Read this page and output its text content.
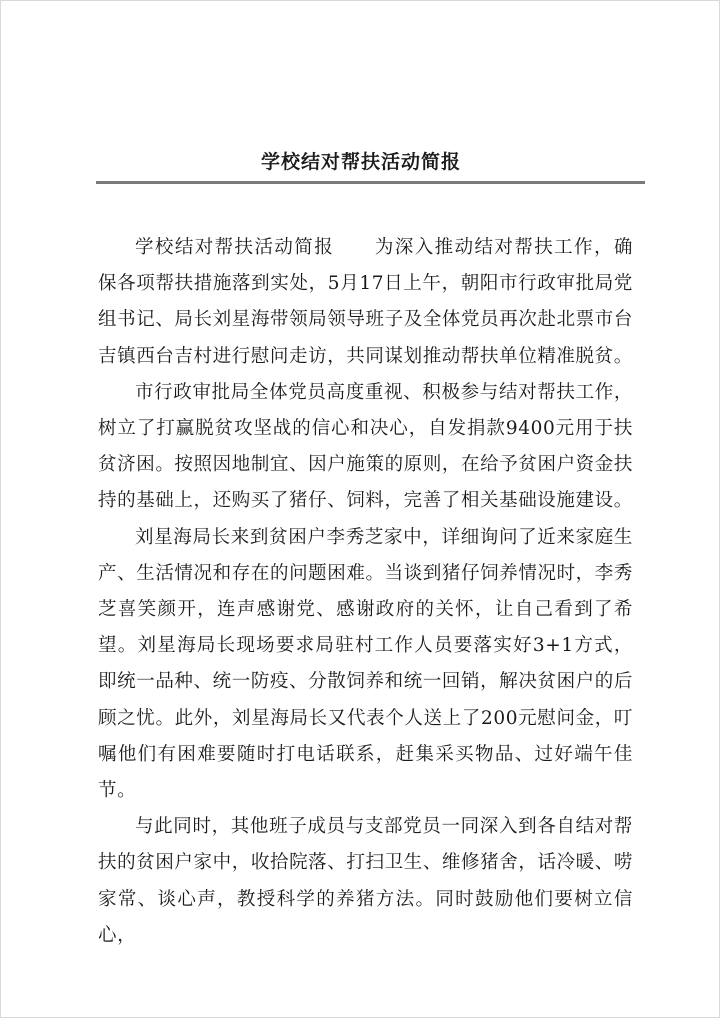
学校结对帮扶活动简报

学校结对帮扶活动简报 为深入推动结对帮扶工作，确保各项帮扶措施落到实处，5月17日上午，朝阳市行政审批局党组书记、局长刘星海带领局领导班子及全体党员再次赴北票市台吉镇西台吉村进行慰问走访，共同谋划推动帮扶单位精准脱贫。

市行政审批局全体党员高度重视、积极参与结对帮扶工作，树立了打赢脱贫攻坚战的信心和决心，自发捐款9400元用于扶贫济困。按照因地制宜、因户施策的原则，在给予贫困户资金扶持的基础上，还购买了猪仔、饲料，完善了相关基础设施建设。

刘星海局长来到贫困户李秀芝家中，详细询问了近来家庭生产、生活情况和存在的问题困难。当谈到猪仔饲养情况时，李秀芝喜笑颜开，连声感谢党、感谢政府的关怀，让自己看到了希望。刘星海局长现场要求局驻村工作人员要落实好3+1方式，即统一品种、统一防疫、分散饲养和统一回销，解决贫困户的后顾之忧。此外，刘星海局长又代表个人送上了200元慰问金，叮嘱他们有困难要随时打电话联系，赶集采买物品、过好端午佳节。

与此同时，其他班子成员与支部党员一同深入到各自结对帮扶的贫困户家中，收拾院落、打扫卫生、维修猪舍，话冷暖、唠家常、谈心声，教授科学的养猪方法。同时鼓励他们要树立信心，
